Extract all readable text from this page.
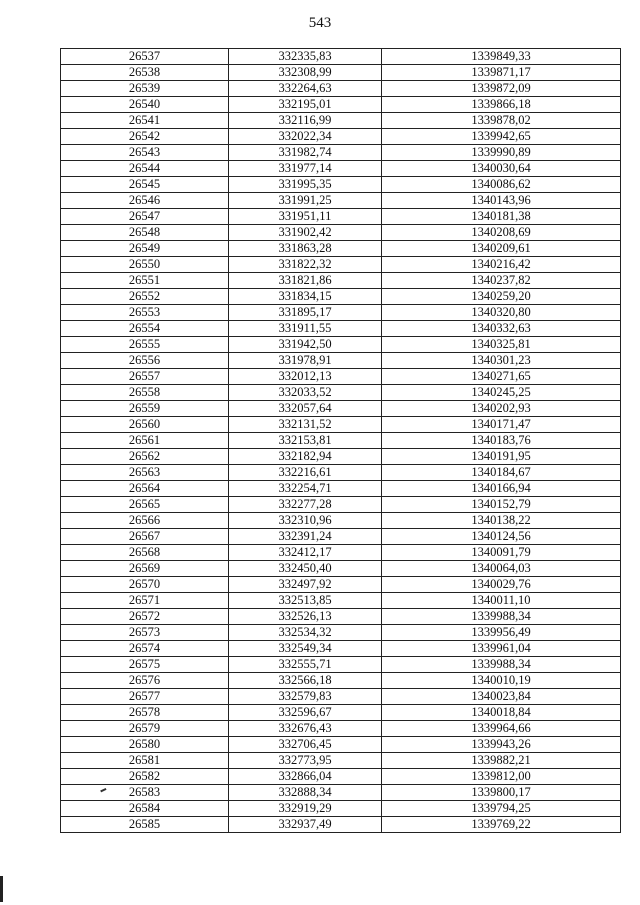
543
26537	332335,83	1339849,33
26538	332308,99	1339871,17
26539	332264,63	1339872,09
26540	332195,01	1339866,18
26541	332116,99	1339878,02
26542	332022,34	1339942,65
26543	331982,74	1339990,89
26544	331977,14	1340030,64
26545	331995,35	1340086,62
26546	331991,25	1340143,96
26547	331951,11	1340181,38
26548	331902,42	1340208,69
26549	331863,28	1340209,61
26550	331822,32	1340216,42
26551	331821,86	1340237,82
26552	331834,15	1340259,20
26553	331895,17	1340320,80
26554	331911,55	1340332,63
26555	331942,50	1340325,81
26556	331978,91	1340301,23
26557	332012,13	1340271,65
26558	332033,52	1340245,25
26559	332057,64	1340202,93
26560	332131,52	1340171,47
26561	332153,81	1340183,76
26562	332182,94	1340191,95
26563	332216,61	1340184,67
26564	332254,71	1340166,94
26565	332277,28	1340152,79
26566	332310,96	1340138,22
26567	332391,24	1340124,56
26568	332412,17	1340091,79
26569	332450,40	1340064,03
26570	332497,92	1340029,76
26571	332513,85	1340011,10
26572	332526,13	1339988,34
26573	332534,32	1339956,49
26574	332549,34	1339961,04
26575	332555,71	1339988,34
26576	332566,18	1340010,19
26577	332579,83	1340023,84
26578	332596,67	1340018,84
26579	332676,43	1339964,66
26580	332706,45	1339943,26
26581	332773,95	1339882,21
26582	332866,04	1339812,00
26583	332888,34	1339800,17
26584	332919,29	1339794,25
26585	332937,49	1339769,22
